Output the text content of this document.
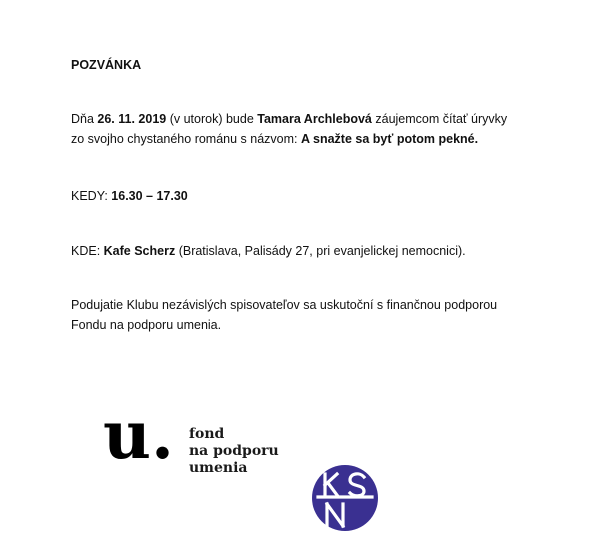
POZVÁNKA
Dňa 26. 11. 2019 (v utorok) bude Tamara Archlebová záujemcom čítať úryvky
zo svojho chystaného románu s názvom: A snažte sa byť potom pekné.
KEDY: 16.30 – 17.30
KDE: Kafe Scherz (Bratislava, Palisády 27, pri evanjelickej nemocnici).
Podujatie Klubu nezávislých spisovateľov sa uskutoční s finančnou podporou
Fondu na podporu umenia.
u. fond
na podporu
umenia
